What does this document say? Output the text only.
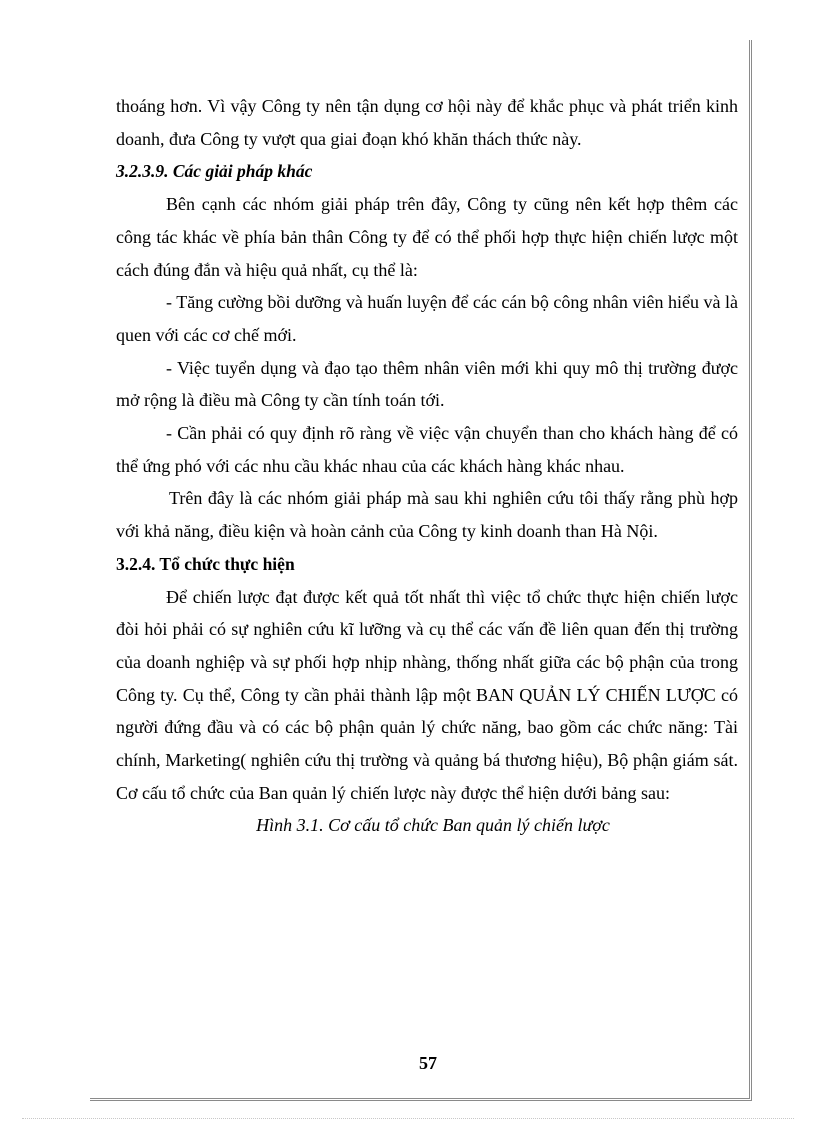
thoáng hơn. Vì vậy Công ty nên tận dụng cơ hội này để khắc phục và phát triển kinh doanh, đưa Công ty vượt qua giai đoạn khó khăn thách thức này.

3.2.3.9. Các giải pháp khác

Bên cạnh các nhóm giải pháp trên đây, Công ty cũng nên kết hợp thêm các công tác khác về phía bản thân Công ty để có thể phối hợp thực hiện chiến lược một cách đúng đắn và hiệu quả nhất, cụ thể là:

- Tăng cường bồi dưỡng và huấn luyện để các cán bộ công nhân viên hiểu và là quen với các cơ chế mới.

- Việc tuyển dụng và đạo tạo thêm nhân viên mới khi quy mô thị trường được mở rộng là điều mà Công ty cần tính toán tới.

- Cần phải có quy định rõ ràng về việc vận chuyển than cho khách hàng để có thể ứng phó với các nhu cầu khác nhau của các khách hàng khác nhau.

Trên đây là các nhóm giải pháp mà sau khi nghiên cứu tôi thấy rằng phù hợp với khả năng, điều kiện và hoàn cảnh của Công ty kinh doanh than Hà Nội.

3.2.4. Tổ chức thực hiện

Để chiến lược đạt được kết quả tốt nhất thì việc tổ chức thực hiện chiến lược đòi hỏi phải có sự nghiên cứu kĩ lưỡng và cụ thể các vấn đề liên quan đến thị trường của doanh nghiệp và sự phối hợp nhịp nhàng, thống nhất giữa các bộ phận của trong Công ty. Cụ thể, Công ty cần phải thành lập một BAN QUẢN LÝ CHIẾN LƯỢC có người đứng đầu và có các bộ phận quản lý chức năng, bao gồm các chức năng: Tài chính, Marketing( nghiên cứu thị trường và quảng bá thương hiệu), Bộ phận giám sát. Cơ cấu tổ chức của Ban quản lý chiến lược này được thể hiện dưới bảng sau:

Hình 3.1. Cơ cấu tổ chức Ban quản lý chiến lược

57
